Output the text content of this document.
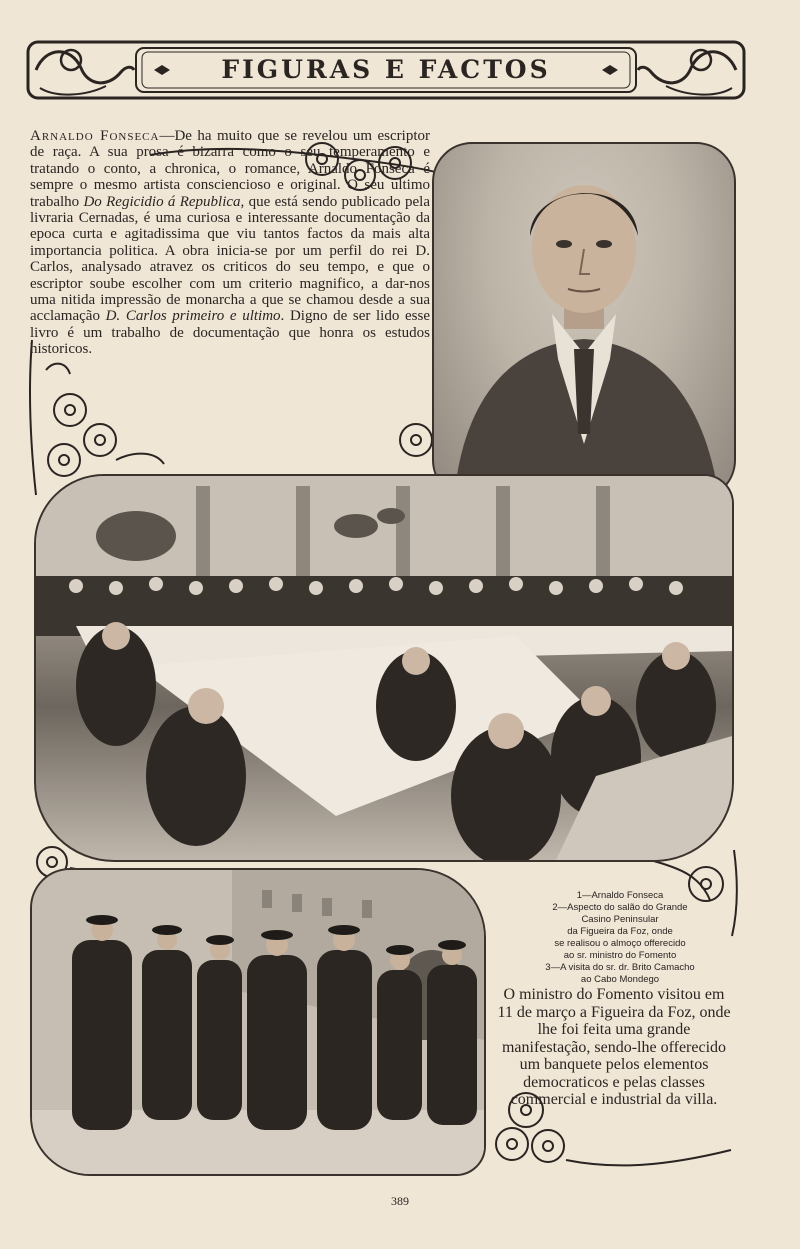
FIGURAS E FACTOS
Arnaldo Fonseca—De ha muito que se revelou um escriptor de raça. A sua prosa é bizarra como o seu temperamento e tratando o conto, a chronica, o romance, Arnaldo Fonseca é sempre o mesmo artista consciencioso e original. O seu ultimo trabalho Do Regicidio á Republica, que está sendo publicado pela livraria Cernadas, é uma curiosa e interessante documentação da epoca curta e agitadissima que viu tantos factos da mais alta importancia politica. A obra inicia-se por um perfil do rei D. Carlos, analysado atravez os criticos do seu tempo, e que o escriptor soube escolher com um criterio magnifico, a dar-nos uma nitida impressão de monarcha a que se chamou desde a sua acclamação D. Carlos primeiro e ultimo. Digno de ser lido esse livro é um trabalho de documentação que honra os estudos historicos.
1—Arnaldo Fonseca
2—Aspecto do salão do Grande
Casino Peninsular
da Figueira da Foz, onde
se realisou o almoço offerecido
ao sr. ministro do Fomento
3—A visita do sr. dr. Brito Camacho
ao Cabo Mondego
O ministro do Fomento visitou em 11 de março a Figueira da Foz, onde lhe foi feita uma grande manifestação, sendo-lhe offerecido um banquete pelos elementos democraticos e pelas classes commercial e industrial da villa.
389
